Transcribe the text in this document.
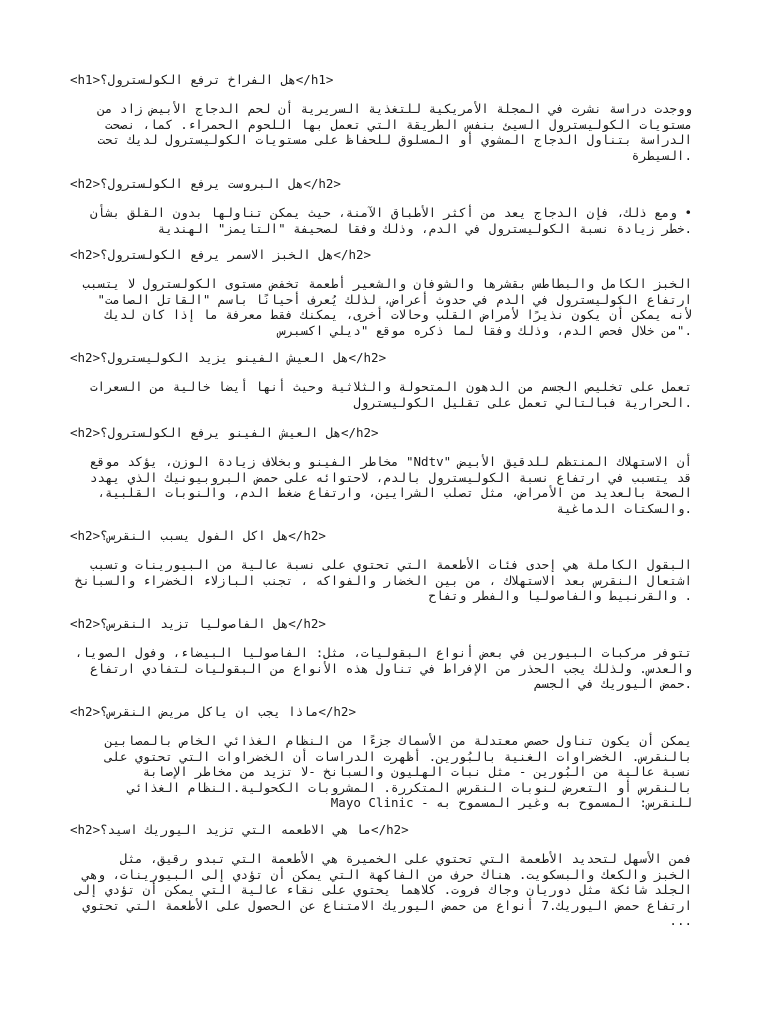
<h1>هل الفراخ ترفع الكولسترول؟</h1>
ووجدت دراسة نشرت في المجلة الأمريكية للتغذية السريرية أن لحم الدجاج الأبيض زاد من
مستويات الكوليسترول السيئ بنفس الطريقة التي تعمل بها اللحوم الحمراء. كما، نصحت
الدراسة بتناول الدجاج المشوي أو المسلوق للحفاظ على مستويات الكوليسترول لديك تحت
.السيطرة
<h2>هل البروست يرفع الكولسترول؟</h2>
• ومع ذلك، فإن الدجاج يعد من أكثر الأطباق الآمنة، حيث يمكن تناولها بدون القلق بشأن
.خطر زيادة نسبة الكوليسترول في الدم، وذلك وفقا لصحيفة "التايمز" الهندية
<h2>هل الخبز الاسمر يرفع الكولسترول؟</h2>
الخبز الكامل والبطاطس بقشرها والشوفان والشعير أطعمة تخفض مستوى الكولسترول لا يتسبب
ارتفاع الكوليسترول في الدم في حدوث أعراض، لذلك يُعرف أحيانًا باسم "القاتل الصامت"
لأنه يمكن أن يكون نذيرًا لأمراض القلب وحالات أخرى، يمكنك فقط معرفة ما إذا كان لديك
."من خلال فحص الدم، وذلك وفقا لما ذكره موقع "ديلي اكسبرس
<h2>هل العيش الفينو يزيد الكوليسترول؟</h2>
تعمل على تخليص الجسم من الدهون المتحولة والثلاثية وحيث أنها أيضا خالية من السعرات
.الحرارية فبالتالي تعمل على تقليل الكوليسترول
<h2>هل العيش الفينو يرفع الكولسترول؟</h2>
أن الاستهلاك المنتظم للدقيق الأبيض "Ndtv" مخاطر الفينو وبخلاف زيادة الوزن، يؤكد موقع
قد يتسبب في ارتفاع نسبة الكوليسترول بالدم، لاحتوائه على حمض البروبيونيك الذي يهدد
الصحة بالعديد من الأمراض، مثل تصلب الشرايين، وارتفاع ضغط الدم، والنوبات القلبية،
.والسكتات الدماغية
<h2>هل اكل الفول يسبب النقرس؟</h2>
البقول الكاملة هي إحدى فئات الأطعمة التي تحتوي على نسبة عالية من البيورينات وتسبب
اشتعال النقرس بعد الاستهلاك ، من بين الخضار والفواكه ، تجنب البازلاء الخضراء والسبانخ
. والقرنبيط والفاصوليا والفطر وتفاح
<h2>هل الفاصوليا تزيد النقرس؟</h2>
تتوفر مركبات البيورين في بعض أنواع البقوليات، مثل: الفاصوليا البيضاء، وفول الصويا،
والعدس. ولذلك يجب الحذر من الإفراط في تناول هذه الأنواع من البقوليات لتفادي ارتفاع
.حمض اليوريك في الجسم
<h2>ماذا يجب ان ياكل مريض النقرس؟</h2>
يمكن أن يكون تناول حصص معتدلة من الأسماك جزءًا من النظام الغذائي الخاص بالمصابين
بالنقرس. الخضراوات الغنية بالبُورين. أظهرت الدراسات أن الخضراوات التي تحتوي على
نسبة عالية من البُورين - مثل نبات الهليون والسبانخ -لا تزيد من مخاطر الإصابة
بالنقرس أو التعرض لنوبات النقرس المتكررة. المشروبات الكحولية.النظام الغذائي
Mayo Clinic - للنقرس: المسموح به وغير المسموح به
<h2>ما هي الاطعمه التي تزيد اليوريك اسيد؟</h2>
فمن الأسهل لتحديد الأطعمة التي تحتوي على الخميرة هي الأطعمة التي تبدو رقيق، مثل
الخبز والكعك والبسكويت. هناك حرف من الفاكهة التي يمكن أن تؤدي إلى البيورينات، وهي
الجلد شائكة مثل دوريان وجاك فروت. كلاهما يحتوي على نقاء عالية التي يمكن أن تؤدي إلى
ارتفاع حمض اليوريك.7 أنواع من حمض اليوريك الامتناع عن الحصول على الأطعمة التي تحتوي
...
